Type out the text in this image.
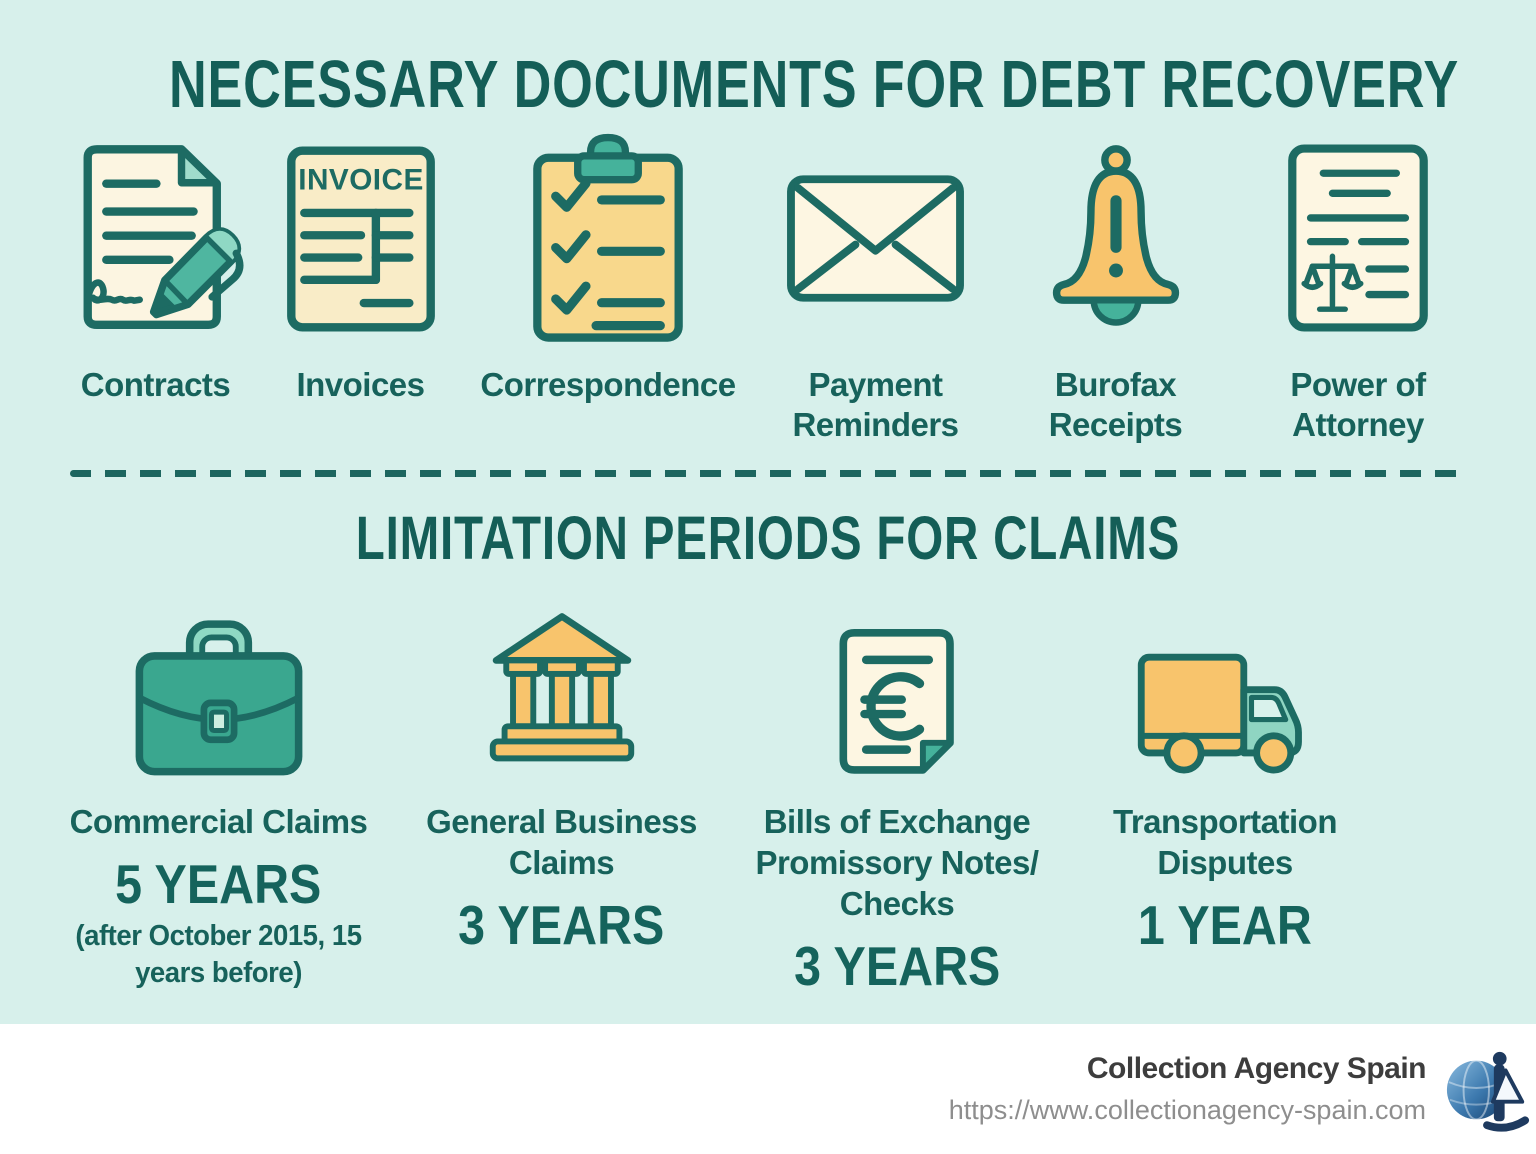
NECESSARY DOCUMENTS FOR DEBT RECOVERY
Contracts
INVOICE
Invoices Correspondence	Payment Reminders
Burofax Receipts
Power of Attorney
LIMITATION PERIODS FOR CLAIMS
Commercial Claims
5 YEARS
(after October 2015, 15 years before)
General Business Claims
3 YEARS
Bills of Exchange Promissory Notes/ Checks
3 YEARS
Transportation Disputes
1 YEAR
Collection Agency Spain
https://www.collectionagency-spain.com
